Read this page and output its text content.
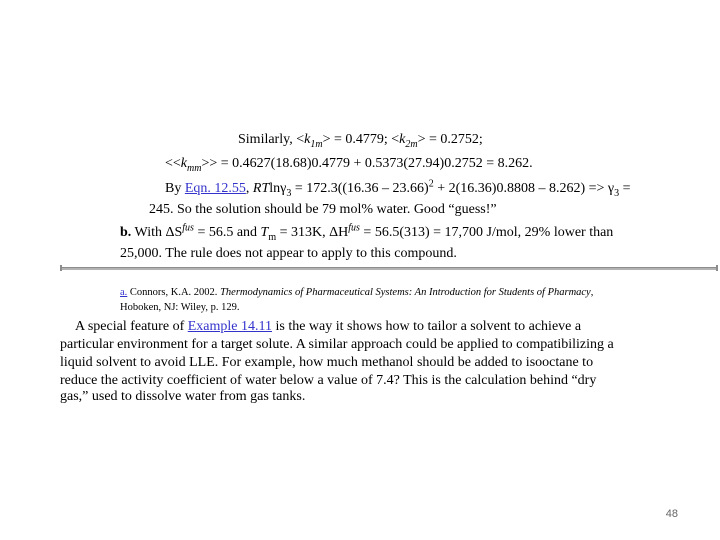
Similarly, $<k_{1m}> = 0.4779$; $<k_{2m}> = 0.2752$;
$<<k_{mm}>> = 0.4627(18.68)0.4779 + 0.5373(27.94)0.2752 = 8.262$.
By Eqn. 12.55, $RTln\gamma_3 = 172.3((16.36 - 23.66)^2 + 2(16.36)0.8808 - 8.262) => \gamma_3$ =
245. So the solution should be 79 mol% water. Good “guess!”
b. With $\Delta S^{fus} = 56.5$ and $T_m = 313K$, $\Delta H^{fus} = 56.5(313) = 17,700$ J/mol, 29% lower than
25,000. The rule does not appear to apply to this compound.
a. Connors, K.A. 2002. Thermodynamics of Pharmaceutical Systems: An Introduction for Students of Pharmacy,
Hoboken, NJ: Wiley, p. 129.
A special feature of Example 14.11 is the way it shows how to tailor a solvent to achieve a
particular environment for a target solute. A similar approach could be applied to compatibilizing a
liquid solvent to avoid LLE. For example, how much methanol should be added to isooctane to
reduce the activity coefficient of water below a value of 7.4? This is the calculation behind “dry
gas,” used to dissolve water from gas tanks.
48
